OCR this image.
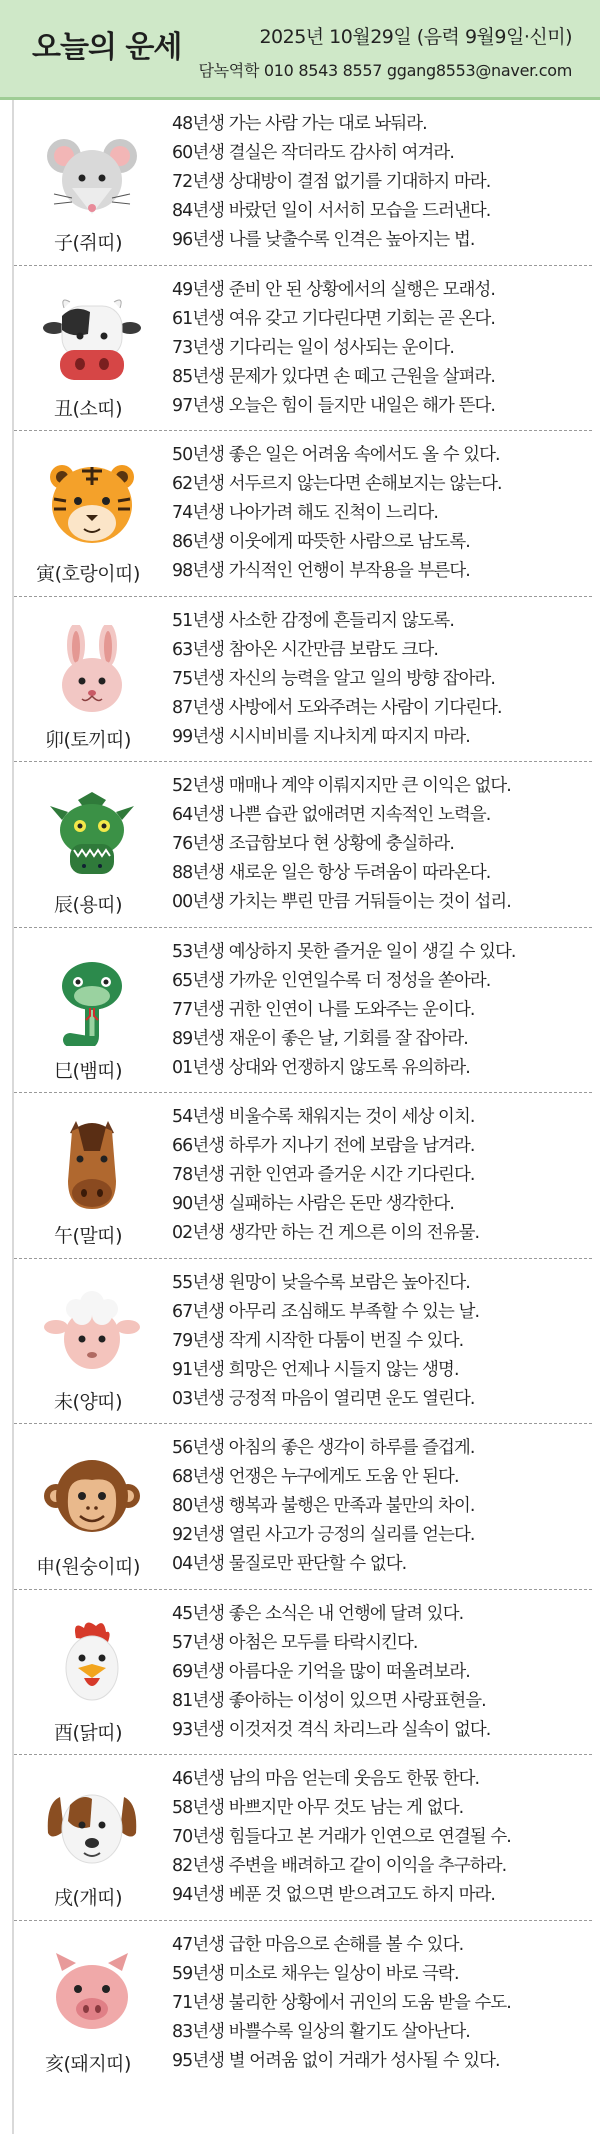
오늘의 운세	2025년 10월29일 (음력 9월9일·신미)
담녹역학 010 8543 8557 ggang8553@naver.com
子(쥐띠)
48년생 가는 사람 가는 대로 놔둬라.
60년생 결실은 작더라도 감사히 여겨라.
72년생 상대방이 결점 없기를 기대하지 마라.
84년생 바랐던 일이 서서히 모습을 드러낸다.
96년생 나를 낮출수록 인격은 높아지는 법.
丑(소띠)
49년생 준비 안 된 상황에서의 실행은 모래성.
61년생 여유 갖고 기다린다면 기회는 곧 온다.
73년생 기다리는 일이 성사되는 운이다.
85년생 문제가 있다면 손 떼고 근원을 살펴라.
97년생 오늘은 힘이 들지만 내일은 해가 뜬다.
寅(호랑이띠)
50년생 좋은 일은 어려움 속에서도 올 수 있다.
62년생 서두르지 않는다면 손해보지는 않는다.
74년생 나아가려 해도 진척이 느리다.
86년생 이웃에게 따뜻한 사람으로 남도록.
98년생 가식적인 언행이 부작용을 부른다.
卯(토끼띠)
51년생 사소한 감정에 흔들리지 않도록.
63년생 참아온 시간만큼 보람도 크다.
75년생 자신의 능력을 알고 일의 방향 잡아라.
87년생 사방에서 도와주려는 사람이 기다린다.
99년생 시시비비를 지나치게 따지지 마라.
辰(용띠)
52년생 매매나 계약 이뤄지지만 큰 이익은 없다.
64년생 나쁜 습관 없애려면 지속적인 노력을.
76년생 조급함보다 현 상황에 충실하라.
88년생 새로운 일은 항상 두려움이 따라온다.
00년생 가치는 뿌린 만큼 거둬들이는 것이 섭리.
巳(뱀띠)
53년생 예상하지 못한 즐거운 일이 생길 수 있다.
65년생 가까운 인연일수록 더 정성을 쏟아라.
77년생 귀한 인연이 나를 도와주는 운이다.
89년생 재운이 좋은 날, 기회를 잘 잡아라.
01년생 상대와 언쟁하지 않도록 유의하라.
午(말띠)
54년생 비울수록 채워지는 것이 세상 이치.
66년생 하루가 지나기 전에 보람을 남겨라.
78년생 귀한 인연과 즐거운 시간 기다린다.
90년생 실패하는 사람은 돈만 생각한다.
02년생 생각만 하는 건 게으른 이의 전유물.
未(양띠)
55년생 원망이 낮을수록 보람은 높아진다.
67년생 아무리 조심해도 부족할 수 있는 날.
79년생 작게 시작한 다툼이 번질 수 있다.
91년생 희망은 언제나 시들지 않는 생명.
03년생 긍정적 마음이 열리면 운도 열린다.
申(원숭이띠)
56년생 아침의 좋은 생각이 하루를 즐겁게.
68년생 언쟁은 누구에게도 도움 안 된다.
80년생 행복과 불행은 만족과 불만의 차이.
92년생 열린 사고가 긍정의 실리를 얻는다.
04년생 물질로만 판단할 수 없다.
酉(닭띠)
45년생 좋은 소식은 내 언행에 달려 있다.
57년생 아첨은 모두를 타락시킨다.
69년생 아름다운 기억을 많이 떠올려보라.
81년생 좋아하는 이성이 있으면 사랑표현을.
93년생 이것저것 격식 차리느라 실속이 없다.
戌(개띠)
46년생 남의 마음 얻는데 웃음도 한몫 한다.
58년생 바쁘지만 아무 것도 남는 게 없다.
70년생 힘들다고 본 거래가 인연으로 연결될 수.
82년생 주변을 배려하고 같이 이익을 추구하라.
94년생 베푼 것 없으면 받으려고도 하지 마라.
亥(돼지띠)
47년생 급한 마음으로 손해를 볼 수 있다.
59년생 미소로 채우는 일상이 바로 극락.
71년생 불리한 상황에서 귀인의 도움 받을 수도.
83년생 바쁠수록 일상의 활기도 살아난다.
95년생 별 어려움 없이 거래가 성사될 수 있다.
